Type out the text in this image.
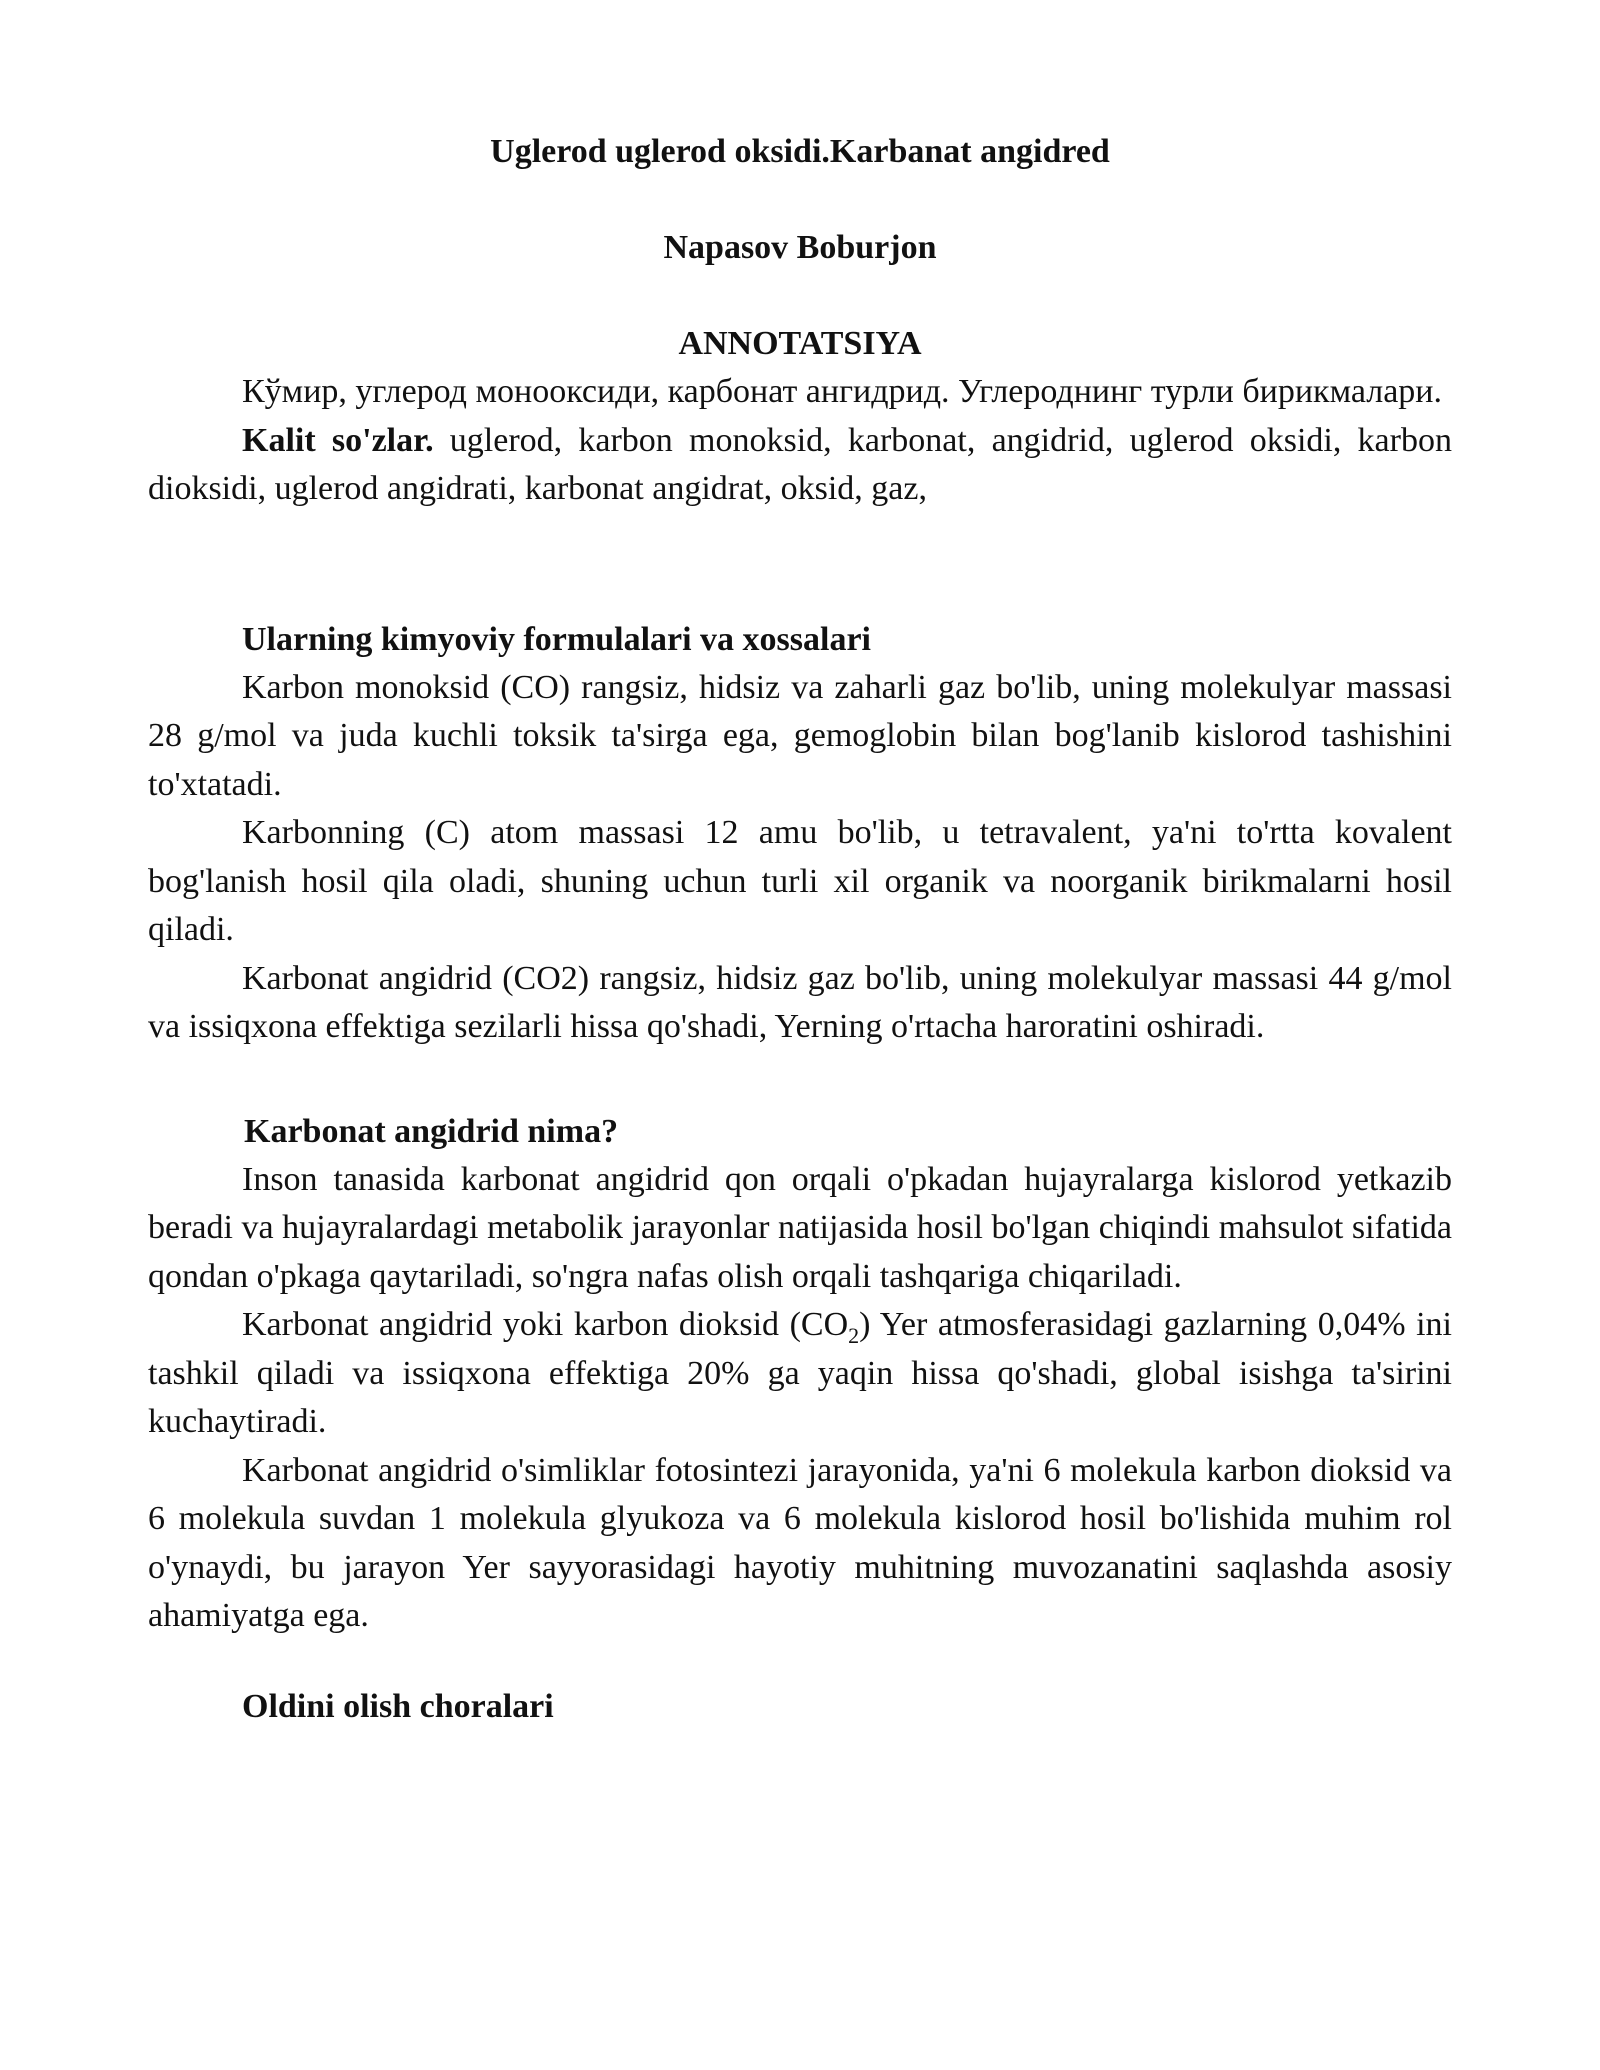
Uglerod uglerod oksidi.Karbanat angidred
Napasov Boburjon
ANNOTATSIYA

Кўмир, углерод монооксиди, карбонат ангидрид. Углероднинг турли бирикмалари.

Kalit so'zlar. uglerod, karbon monoksid, karbonat, angidrid, uglerod oksidi, karbon dioksidi, uglerod angidrati, karbonat angidrat, oksid, gaz,

Ularning kimyoviy formulalari va xossalari

Karbon monoksid (CO) rangsiz, hidsiz va zaharli gaz bo'lib, uning molekulyar massasi 28 g/mol va juda kuchli toksik ta'sirga ega, gemoglobin bilan bog'lanib kislorod tashishini to'xtatadi.

Karbonning (C) atom massasi 12 amu bo'lib, u tetravalent, ya'ni to'rtta kovalent bog'lanish hosil qila oladi, shuning uchun turli xil organik va noorganik birikmalarni hosil qiladi.

Karbonat angidrid (CO2) rangsiz, hidsiz gaz bo'lib, uning molekulyar massasi 44 g/mol va issiqxona effektiga sezilarli hissa qo'shadi, Yerning o'rtacha haroratini oshiradi.

Karbonat angidrid nima?

Inson tanasida karbonat angidrid qon orqali o'pkadan hujayralarga kislorod yetkazib beradi va hujayralardagi metabolik jarayonlar natijasida hosil bo'lgan chiqindi mahsulot sifatida qondan o'pkaga qaytariladi, so'ngra nafas olish orqali tashqariga chiqariladi.

Karbonat angidrid yoki karbon dioksid $(CO_2)$ Yer atmosferasidagi gazlarning 0,04% ini tashkil qiladi va issiqxona effektiga 20% ga yaqin hissa qo'shadi, global isishga ta'sirini kuchaytiradi.

Karbonat angidrid o'simliklar fotosintezi jarayonida, ya'ni 6 molekula karbon dioksid va 6 molekula suvdan 1 molekula glyukoza va 6 molekula kislorod hosil bo'lishida muhim rol o'ynaydi, bu jarayon Yer sayyorasidagi hayotiy muhitning muvozanatini saqlashda asosiy ahamiyatga ega.

Oldini olish choralari
